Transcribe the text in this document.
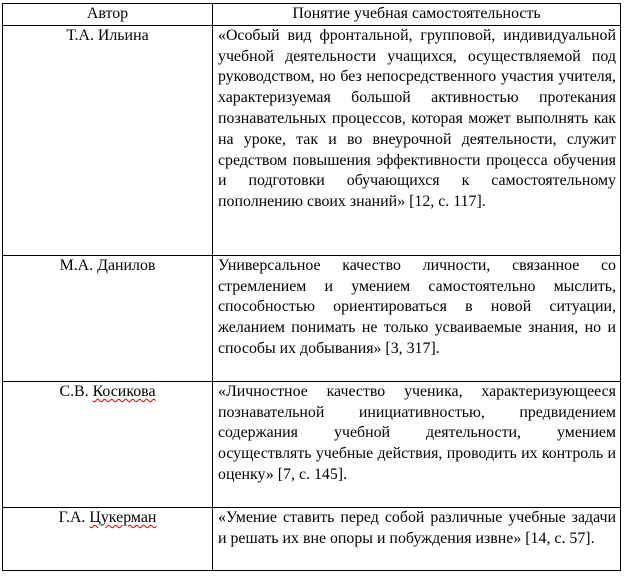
Автор	Понятие учебная самостоятельность
Т.А. Ильина	«Особый вид фронтальной, групповой, индивидуальной учебной деятельности учащихся, осуществляемой под руководством, но без непосредственного участия учителя, характеризуемая большой активностью протекания познавательных процессов, которая может выполнять как на уроке, так и во внеурочной деятельности, служит средством повышения эффективности процесса обучения и подготовки обучающихся к самостоятельному пополнению своих знаний» [12, с. 117].
М.А. Данилов	Универсальное качество личности, связанное со стремлением и умением самостоятельно мыслить, способностью ориентироваться в новой ситуации, желанием понимать не только усваиваемые знания, но и способы их добывания» [3, 317].
С.В. Косикова	«Личностное качество ученика, характеризующееся познавательной инициативностью, предвидением содержания учебной деятельности, умением осуществлять учебные действия, проводить их контроль и оценку» [7, с. 145].
Г.А. Цукерман	«Умение ставить перед собой различные учебные задачи и решать их вне опоры и побуждения извне» [14, с. 57].
